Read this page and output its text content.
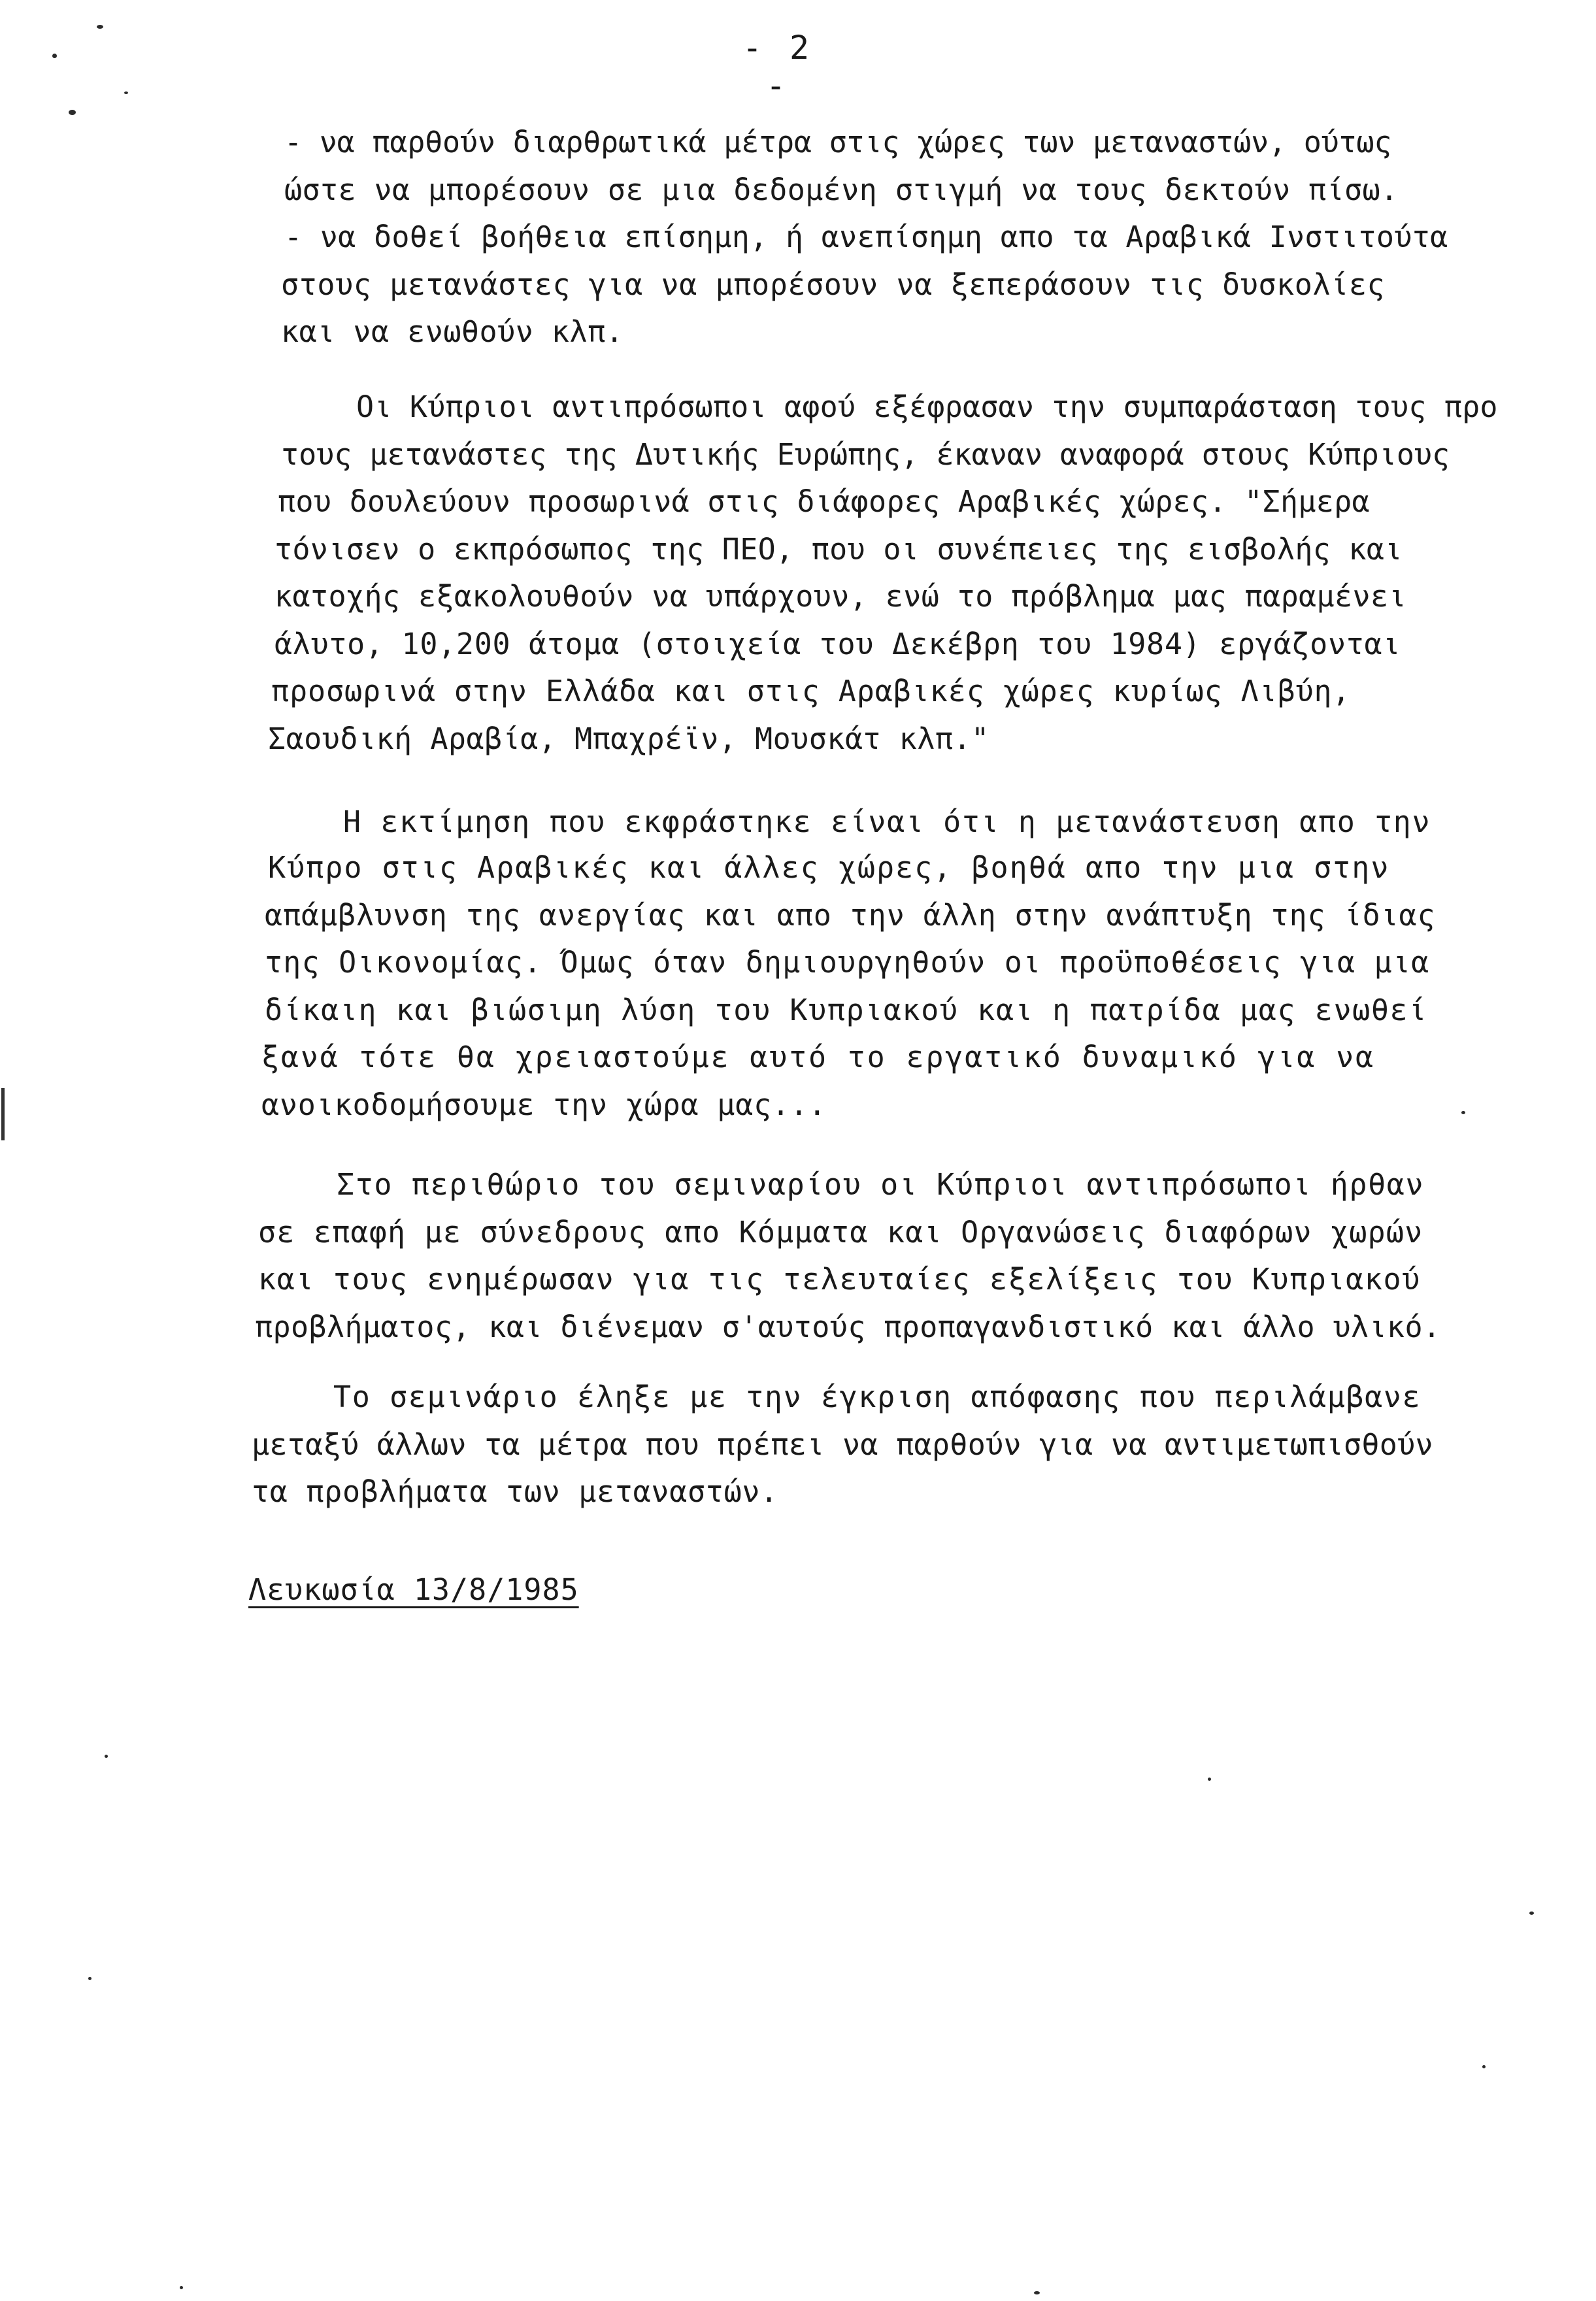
- 2 -
- να παρθούν διαρθρωτικά μέτρα στις χώρες των μεταναστών, ούτως
ώστε να μπορέσουν σε μια δεδομένη στιγμή να τους δεκτούν πίσω.
- να δοθεί βοήθεια επίσημη, ή ανεπίσημη απο τα Αραβικά Ινστιτούτα
στους μετανάστες για να μπορέσουν να ξεπεράσουν τις δυσκολίες
και να ενωθούν κλπ.
Οι Κύπριοι αντιπρόσωποι αφού εξέφρασαν την συμπαράσταση τους προ
τους μετανάστες της Δυτικής Ευρώπης, έκαναν αναφορά στους Κύπριους
που δουλεύουν προσωρινά στις διάφορες Αραβικές χώρες. "Σήμερα
τόνισεν ο εκπρόσωπος της ΠΕΟ, που οι συνέπειες της εισβολής και
κατοχής εξακολουθούν να υπάρχουν, ενώ το πρόβλημα μας παραμένει
άλυτο, 10,200 άτομα (στοιχεία του Δεκέβρη του 1984) εργάζονται
προσωρινά στην Ελλάδα και στις Αραβικές χώρες κυρίως Λιβύη,
Σαουδική Αραβία, Μπαχρέϊν, Μουσκάτ κλπ."
Η εκτίμηση που εκφράστηκε είναι ότι η μετανάστευση απο την
Κύπρο στις Αραβικές και άλλες χώρες, βοηθά απο την μια στην
απάμβλυνση της ανεργίας και απο την άλλη στην ανάπτυξη της ίδιας
της Οικονομίας. Όμως όταν δημιουργηθούν οι προϋποθέσεις για μια
δίκαιη και βιώσιμη λύση του Κυπριακού και η πατρίδα μας ενωθεί
ξανά τότε θα χρειαστούμε αυτό το εργατικό δυναμικό για να
ανοικοδομήσουμε την χώρα μας...
Στο περιθώριο του σεμιναρίου οι Κύπριοι αντιπρόσωποι ήρθαν
σε επαφή με σύνεδρους απο Κόμματα και Οργανώσεις διαφόρων χωρών
και τους ενημέρωσαν για τις τελευταίες εξελίξεις του Κυπριακού
προβλήματος, και διένεμαν σ'αυτούς προπαγανδιστικό και άλλο υλικό.
Το σεμινάριο έληξε με την έγκριση απόφασης που περιλάμβανε
μεταξύ άλλων τα μέτρα που πρέπει να παρθούν για να αντιμετωπισθούν
τα προβλήματα των μεταναστών.
Λευκωσία 13/8/1985
